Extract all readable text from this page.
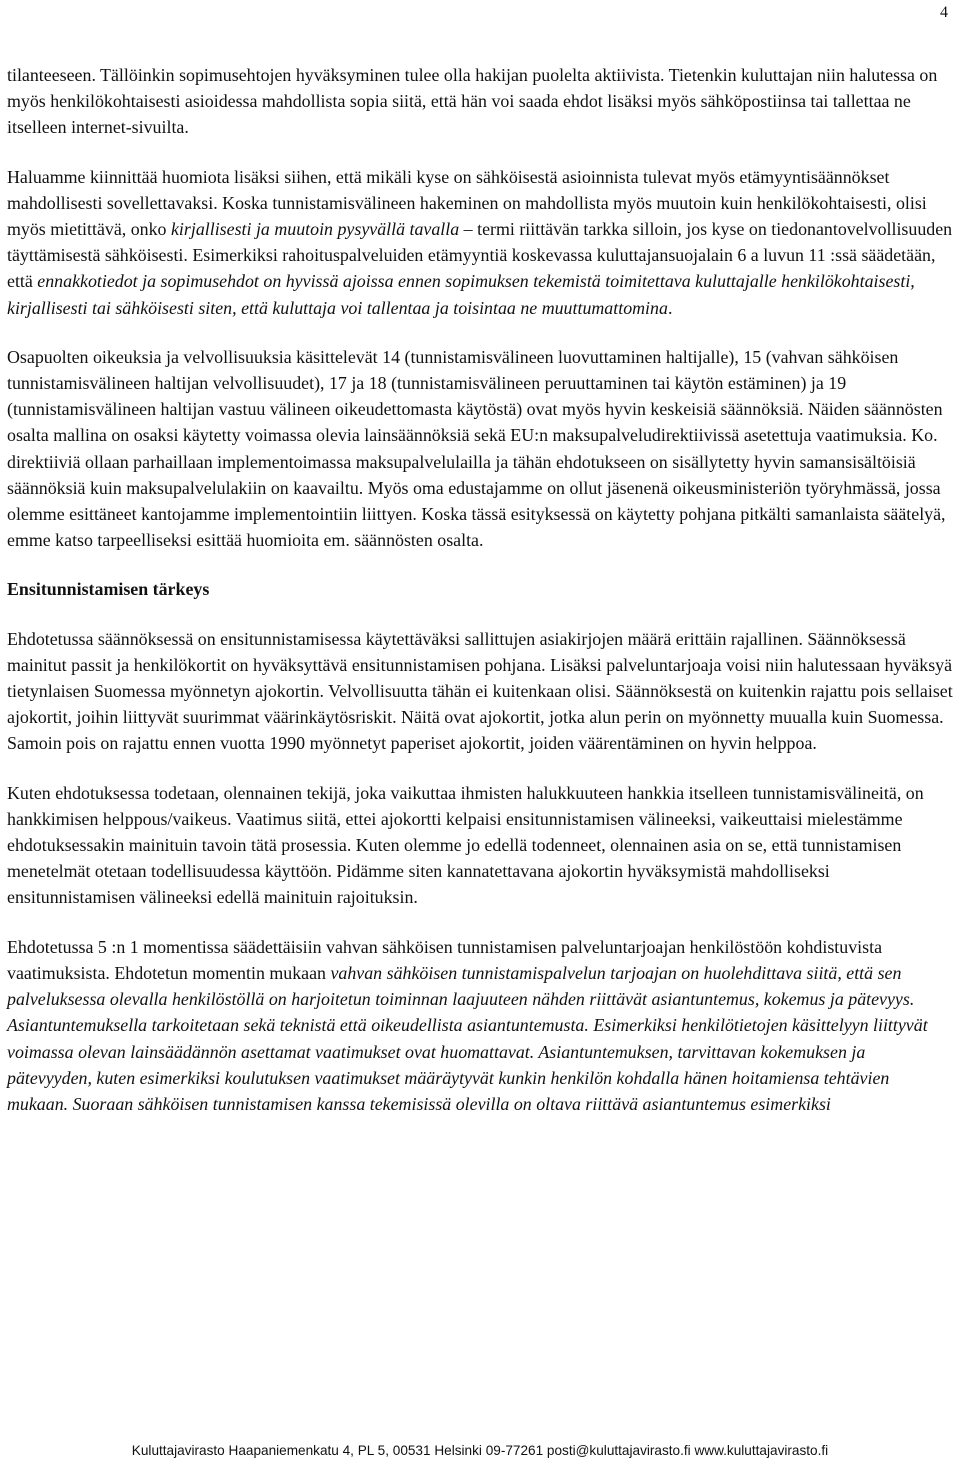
4

tilanteeseen. Tällöinkin sopimusehtojen hyväksyminen tulee olla hakijan puolelta aktiivista. Tietenkin kuluttajan niin halutessa on myös henkilökohtaisesti asioidessa mahdollista sopia siitä, että hän voi saada ehdot lisäksi myös sähköpostiinsa tai tallettaa ne itselleen internet-sivuilta.

Haluamme kiinnittää huomiota lisäksi siihen, että mikäli kyse on sähköisestä asioinnista tulevat myös etämyyntisäännökset mahdollisesti sovellettavaksi. Koska tunnistamisvälineen hakeminen on mahdollista myös muutoin kuin henkilökohtaisesti, olisi myös mietittävä, onko kirjallisesti ja muutoin pysyvällä tavalla – termi riittävän tarkka silloin, jos kyse on tiedonantovelvollisuuden täyttämisestä sähköisesti. Esimerkiksi rahoituspalveluiden etämyyntiä koskevassa kuluttajansuojalain 6 a luvun 11 :ssä säädetään, että ennakkotiedot ja sopimusehdot on hyvissä ajoissa ennen sopimuksen tekemistä toimitettava kuluttajalle henkilökohtaisesti, kirjallisesti tai sähköisesti siten, että kuluttaja voi tallentaa ja toisintaa ne muuttumattomina.

Osapuolten oikeuksia ja velvollisuuksia käsittelevät 14 (tunnistamisvälineen luovuttaminen haltijalle), 15 (vahvan sähköisen tunnistamisvälineen haltijan velvollisuudet), 17 ja 18 (tunnistamisvälineen peruuttaminen tai käytön estäminen) ja 19 (tunnistamisvälineen haltijan vastuu välineen oikeudettomasta käytöstä) ovat myös hyvin keskeisiä säännöksiä. Näiden säännösten osalta mallina on osaksi käytetty voimassa olevia lainsäännöksiä sekä EU:n maksupalveludirektiivissä asetettuja vaatimuksia. Ko. direktiiviä ollaan parhaillaan implementoimassa maksupalvelulailla ja tähän ehdotukseen on sisällytetty hyvin samansisältöisiä säännöksiä kuin maksupalvelulakiin on kaavailtu. Myös oma edustajamme on ollut jäsenenä oikeusministeriön työryhmässä, jossa olemme esittäneet kantojamme implementointiin liittyen. Koska tässä esityksessä on käytetty pohjana pitkälti samanlaista säätelyä, emme katso tarpeelliseksi esittää huomioita em. säännösten osalta.

Ensitunnistamisen tärkeys

Ehdotetussa säännöksessä on ensitunnistamisessa käytettäväksi sallittujen asiakirjojen määrä erittäin rajallinen. Säännöksessä mainitut passit ja henkilökortit on hyväksyttävä ensitunnistamisen pohjana. Lisäksi palveluntarjoaja voisi niin halutessaan hyväksyä tietynlaisen Suomessa myönnetyn ajokortin. Velvollisuutta tähän ei kuitenkaan olisi. Säännöksestä on kuitenkin rajattu pois sellaiset ajokortit, joihin liittyvät suurimmat väärinkäytösriskit. Näitä ovat ajokortit, jotka alun perin on myönnetty muualla kuin Suomessa. Samoin pois on rajattu ennen vuotta 1990 myönnetyt paperiset ajokortit, joiden väärentäminen on hyvin helppoa.

Kuten ehdotuksessa todetaan, olennainen tekijä, joka vaikuttaa ihmisten halukkuuteen hankkia itselleen tunnistamisvälineitä, on hankkimisen helppous/vaikeus. Vaatimus siitä, ettei ajokortti kelpaisi ensitunnistamisen välineeksi, vaikeuttaisi mielestämme ehdotuksessakin mainituin tavoin tätä prosessia. Kuten olemme jo edellä todenneet, olennainen asia on se, että tunnistamisen menetelmät otetaan todellisuudessa käyttöön. Pidämme siten kannatettavana ajokortin hyväksymistä mahdolliseksi ensitunnistamisen välineeksi edellä mainituin rajoituksin.

Ehdotetussa 5 :n 1 momentissa säädettäisiin vahvan sähköisen tunnistamisen palveluntarjoajan henkilöstöön kohdistuvista vaatimuksista. Ehdotetun momentin mukaan vahvan sähköisen tunnistamispalvelun tarjoajan on huolehdittava siitä, että sen palveluksessa olevalla henkilöstöllä on harjoitetun toiminnan laajuuteen nähden riittävät asiantuntemus, kokemus ja pätevyys. Asiantuntemuksella tarkoitetaan sekä teknistä että oikeudellista asiantuntemusta. Esimerkiksi henkilötietojen käsittelyyn liittyvät voimassa olevan lainsäädännön asettamat vaatimukset ovat huomattavat. Asiantuntemuksen, tarvittavan kokemuksen ja pätevyyden, kuten esimerkiksi koulutuksen vaatimukset määräytyvät kunkin henkilön kohdalla hänen hoitamiensa tehtävien mukaan. Suoraan sähköisen tunnistamisen kanssa tekemisissä olevilla on oltava riittävä asiantuntemus esimerkiksi

Kuluttajavirasto Haapaniemenkatu 4, PL 5, 00531 Helsinki 09-77261 posti@kuluttajavirasto.fi www.kuluttajavirasto.fi
